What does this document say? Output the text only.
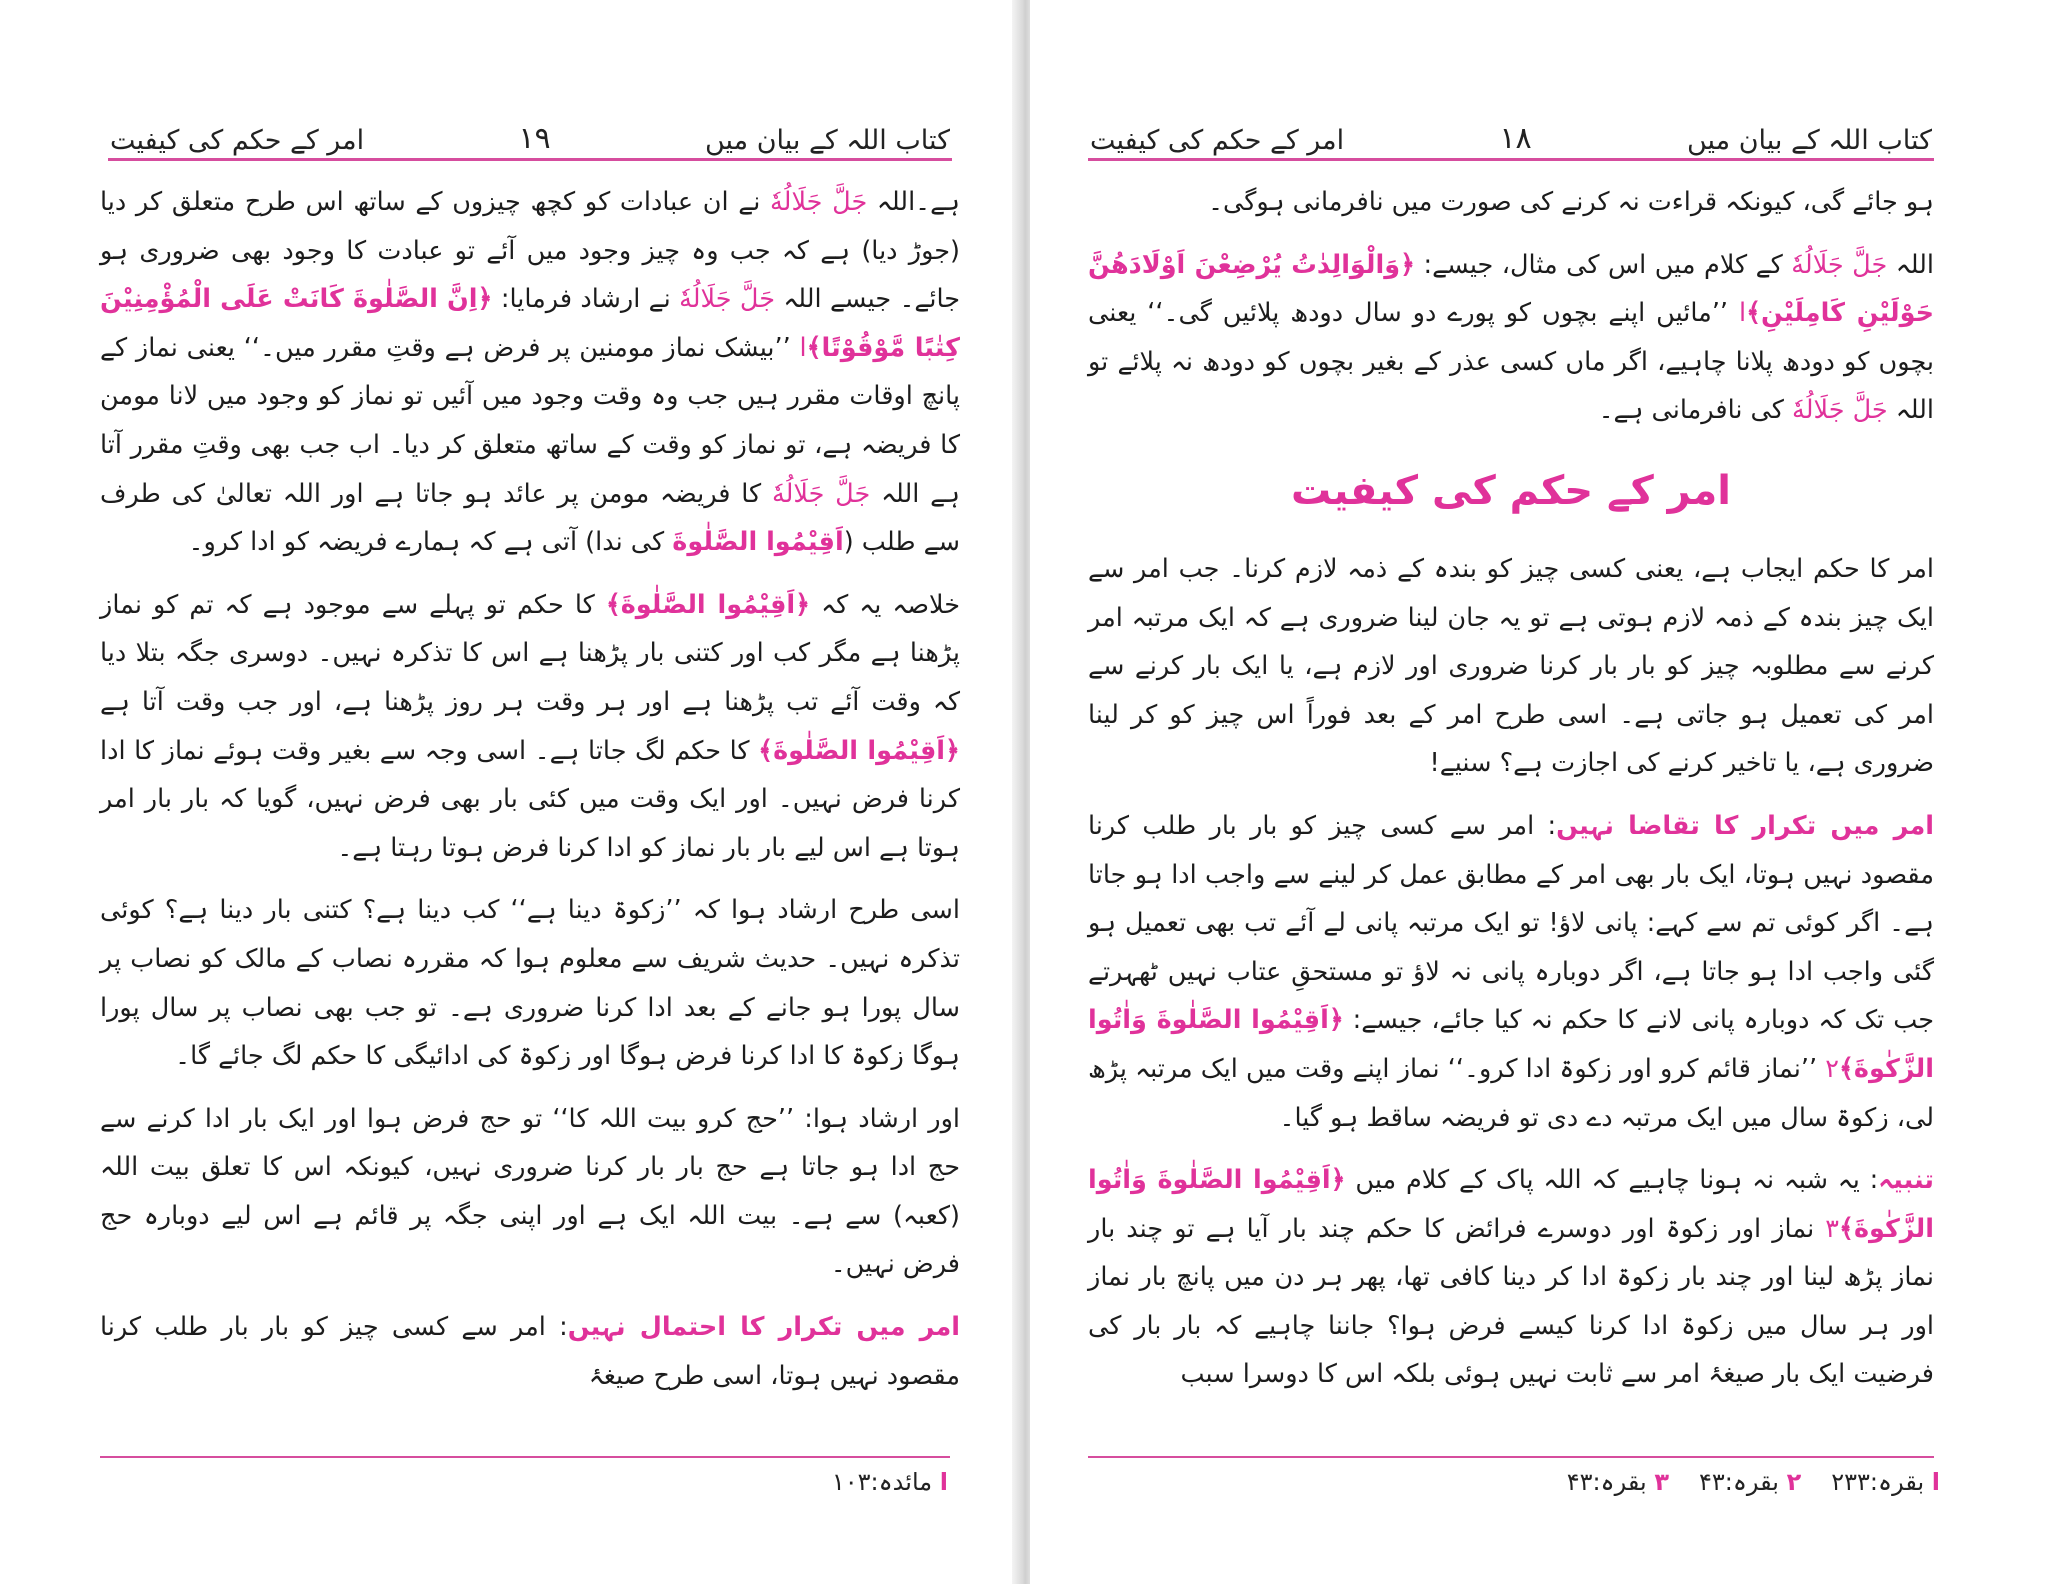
کتاب اللہ کے بیان میں
۱۹
امر کے حکم کی کیفیت

ہے۔اللہ جَلَّ جَلَالُهٗ نے ان عبادات کو کچھ چیزوں کے ساتھ اس طرح متعلق کر دیا (جوڑ دیا) ہے کہ جب وہ چیز وجود میں آئے تو عبادت کا وجود بھی ضروری ہو جائے۔ جیسے اللہ جَلَّ جَلَالُهٗ نے ارشاد فرمایا: ﴿اِنَّ الصَّلٰوةَ كَانَتْ عَلَى الْمُؤْمِنِيْنَ كِتٰبًا مَّوْقُوْتًا﴾ا ’’بیشک نماز مومنین پر فرض ہے وقتِ مقرر میں۔‘‘ یعنی نماز کے پانچ اوقات مقرر ہیں جب وہ وقت وجود میں آئیں تو نماز کو وجود میں لانا مومن کا فریضہ ہے، تو نماز کو وقت کے ساتھ متعلق کر دیا۔ اب جب بھی وقتِ مقرر آتا ہے اللہ جَلَّ جَلَالُهٗ کا فریضہ مومن پر عائد ہو جاتا ہے اور اللہ تعالیٰ کی طرف سے طلب (اَقِيْمُوا الصَّلٰوةَ کی ندا) آتی ہے کہ ہمارے فریضہ کو ادا کرو۔

خلاصہ یہ کہ ﴿اَقِيْمُوا الصَّلٰوةَ﴾ کا حکم تو پہلے سے موجود ہے کہ تم کو نماز پڑھنا ہے مگر کب اور کتنی بار پڑھنا ہے اس کا تذکرہ نہیں۔ دوسری جگہ بتلا دیا کہ وقت آئے تب پڑھنا ہے اور ہر وقت ہر روز پڑھنا ہے، اور جب وقت آتا ہے ﴿اَقِيْمُوا الصَّلٰوةَ﴾ کا حکم لگ جاتا ہے۔ اسی وجہ سے بغیر وقت ہوئے نماز کا ادا کرنا فرض نہیں۔ اور ایک وقت میں کئی بار بھی فرض نہیں، گویا کہ بار بار امر ہوتا ہے اس لیے بار بار نماز کو ادا کرنا فرض ہوتا رہتا ہے۔

اسی طرح ارشاد ہوا کہ ’’زکوۃ دینا ہے‘‘ کب دینا ہے؟ کتنی بار دینا ہے؟ کوئی تذکرہ نہیں۔ حدیث شریف سے معلوم ہوا کہ مقررہ نصاب کے مالک کو نصاب پر سال پورا ہو جانے کے بعد ادا کرنا ضروری ہے۔ تو جب بھی نصاب پر سال پورا ہوگا زکوۃ کا ادا کرنا فرض ہوگا اور زکوۃ کی ادائیگی کا حکم لگ جائے گا۔

اور ارشاد ہوا: ’’حج کرو بیت اللہ کا‘‘ تو حج فرض ہوا اور ایک بار ادا کرنے سے حج ادا ہو جاتا ہے حج بار بار کرنا ضروری نہیں، کیونکہ اس کا تعلق بیت اللہ (کعبہ) سے ہے۔ بیت اللہ ایک ہے اور اپنی جگہ پر قائم ہے اس لیے دوبارہ حج فرض نہیں۔

امر میں تکرار کا احتمال نہیں: امر سے کسی چیز کو بار بار طلب کرنا مقصود نہیں ہوتا، اسی طرح صیغۂ

ا مائدہ:۱۰۳
کتاب اللہ کے بیان میں
۱۸
امر کے حکم کی کیفیت

ہو جائے گی، کیونکہ قراءت نہ کرنے کی صورت میں نافرمانی ہوگی۔

اللہ جَلَّ جَلَالُهٗ کے کلام میں اس کی مثال، جیسے: ﴿وَالْوَالِدٰتُ يُرْضِعْنَ اَوْلَادَهُنَّ حَوْلَيْنِ كَامِلَيْنِ﴾ا ’’مائیں اپنے بچوں کو پورے دو سال دودھ پلائیں گی۔‘‘ یعنی بچوں کو دودھ پلانا چاہیے، اگر ماں کسی عذر کے بغیر بچوں کو دودھ نہ پلائے تو اللہ جَلَّ جَلَالُهٗ کی نافرمانی ہے۔

امر کے حکم کی کیفیت

امر کا حکم ایجاب ہے، یعنی کسی چیز کو بندہ کے ذمہ لازم کرنا۔ جب امر سے ایک چیز بندہ کے ذمہ لازم ہوتی ہے تو یہ جان لینا ضروری ہے کہ ایک مرتبہ امر کرنے سے مطلوبہ چیز کو بار بار کرنا ضروری اور لازم ہے، یا ایک بار کرنے سے امر کی تعمیل ہو جاتی ہے۔ اسی طرح امر کے بعد فوراً اس چیز کو کر لینا ضروری ہے، یا تاخیر کرنے کی اجازت ہے؟ سنیے!

امر میں تکرار کا تقاضا نہیں: امر سے کسی چیز کو بار بار طلب کرنا مقصود نہیں ہوتا، ایک بار بھی امر کے مطابق عمل کر لینے سے واجب ادا ہو جاتا ہے۔ اگر کوئی تم سے کہے: پانی لاؤ! تو ایک مرتبہ پانی لے آئے تب بھی تعمیل ہو گئی واجب ادا ہو جاتا ہے، اگر دوبارہ پانی نہ لاؤ تو مستحقِ عتاب نہیں ٹھہرتے جب تک کہ دوبارہ پانی لانے کا حکم نہ کیا جائے، جیسے: ﴿اَقِيْمُوا الصَّلٰوةَ وَاٰتُوا الزَّكٰوةَ﴾۲ ’’نماز قائم کرو اور زکوۃ ادا کرو۔‘‘ نماز اپنے وقت میں ایک مرتبہ پڑھ لی، زکوۃ سال میں ایک مرتبہ دے دی تو فریضہ ساقط ہو گیا۔

تنبیہ: یہ شبہ نہ ہونا چاہیے کہ اللہ پاک کے کلام میں ﴿اَقِيْمُوا الصَّلٰوةَ وَاٰتُوا الزَّكٰوةَ﴾۳ نماز اور زکوۃ اور دوسرے فرائض کا حکم چند بار آیا ہے تو چند بار نماز پڑھ لینا اور چند بار زکوۃ ادا کر دینا کافی تھا، پھر ہر دن میں پانچ بار نماز اور ہر سال میں زکوۃ ادا کرنا کیسے فرض ہوا؟ جاننا چاہیے کہ بار بار کی فرضیت ایک بار صیغۂ امر سے ثابت نہیں ہوئی بلکہ اس کا دوسرا سبب

ا بقرہ:۲۳۳
۲ بقرہ:۴۳
۳ بقرہ:۴۳
